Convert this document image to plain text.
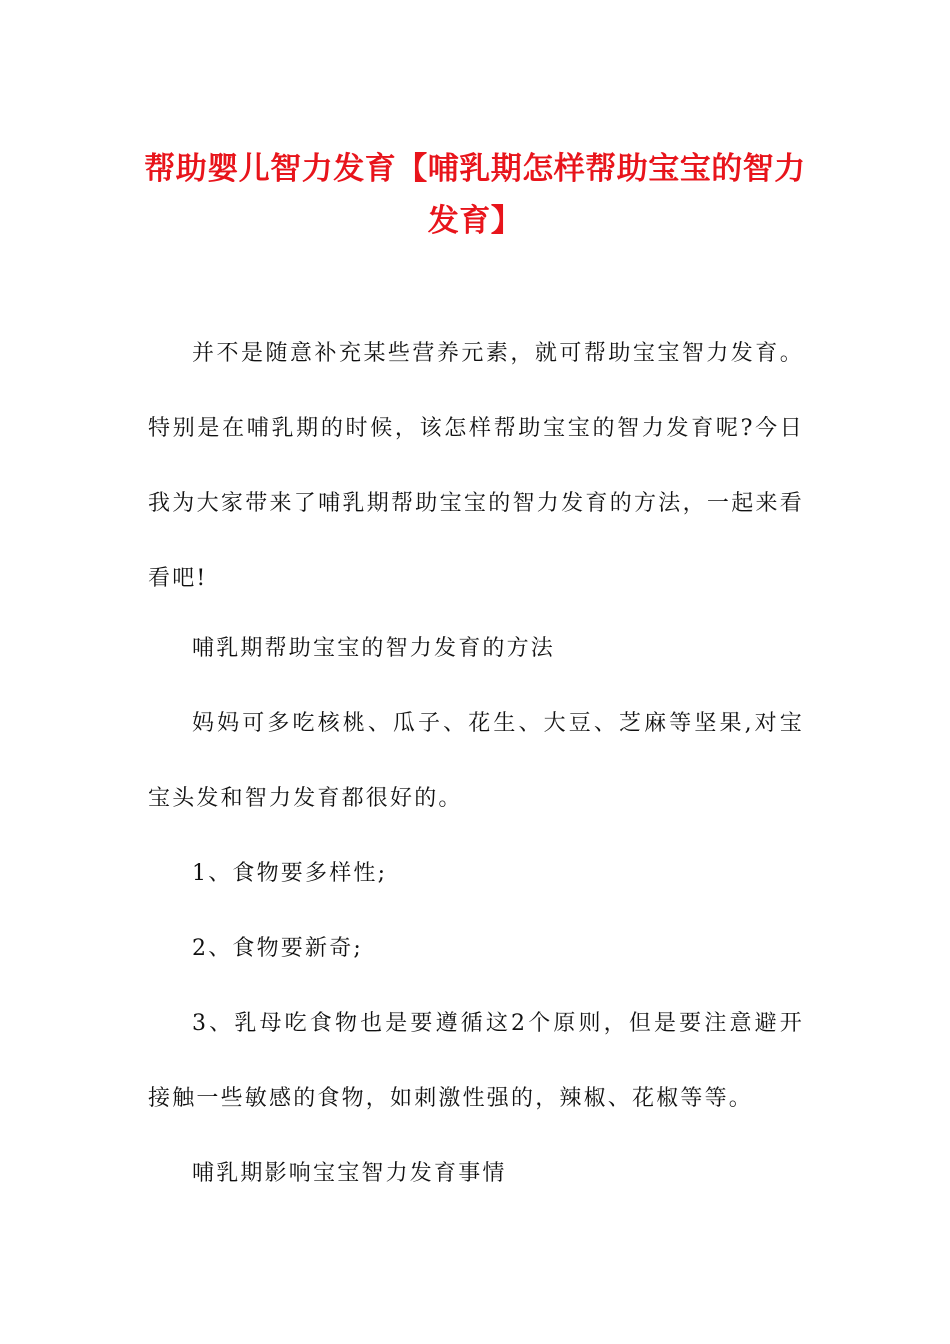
帮助婴儿智力发育【哺乳期怎样帮助宝宝的智力发育】

并不是随意补充某些营养元素，就可帮助宝宝智力发育。特别是在哺乳期的时候，该怎样帮助宝宝的智力发育呢?今日我为大家带来了哺乳期帮助宝宝的智力发育的方法，一起来看看吧!

哺乳期帮助宝宝的智力发育的方法

妈妈可多吃核桃、瓜子、花生、大豆、芝麻等坚果,对宝宝头发和智力发育都很好的。

1、食物要多样性;

2、食物要新奇;

3、乳母吃食物也是要遵循这2个原则，但是要注意避开接触一些敏感的食物，如刺激性强的，辣椒、花椒等等。

哺乳期影响宝宝智力发育事情
